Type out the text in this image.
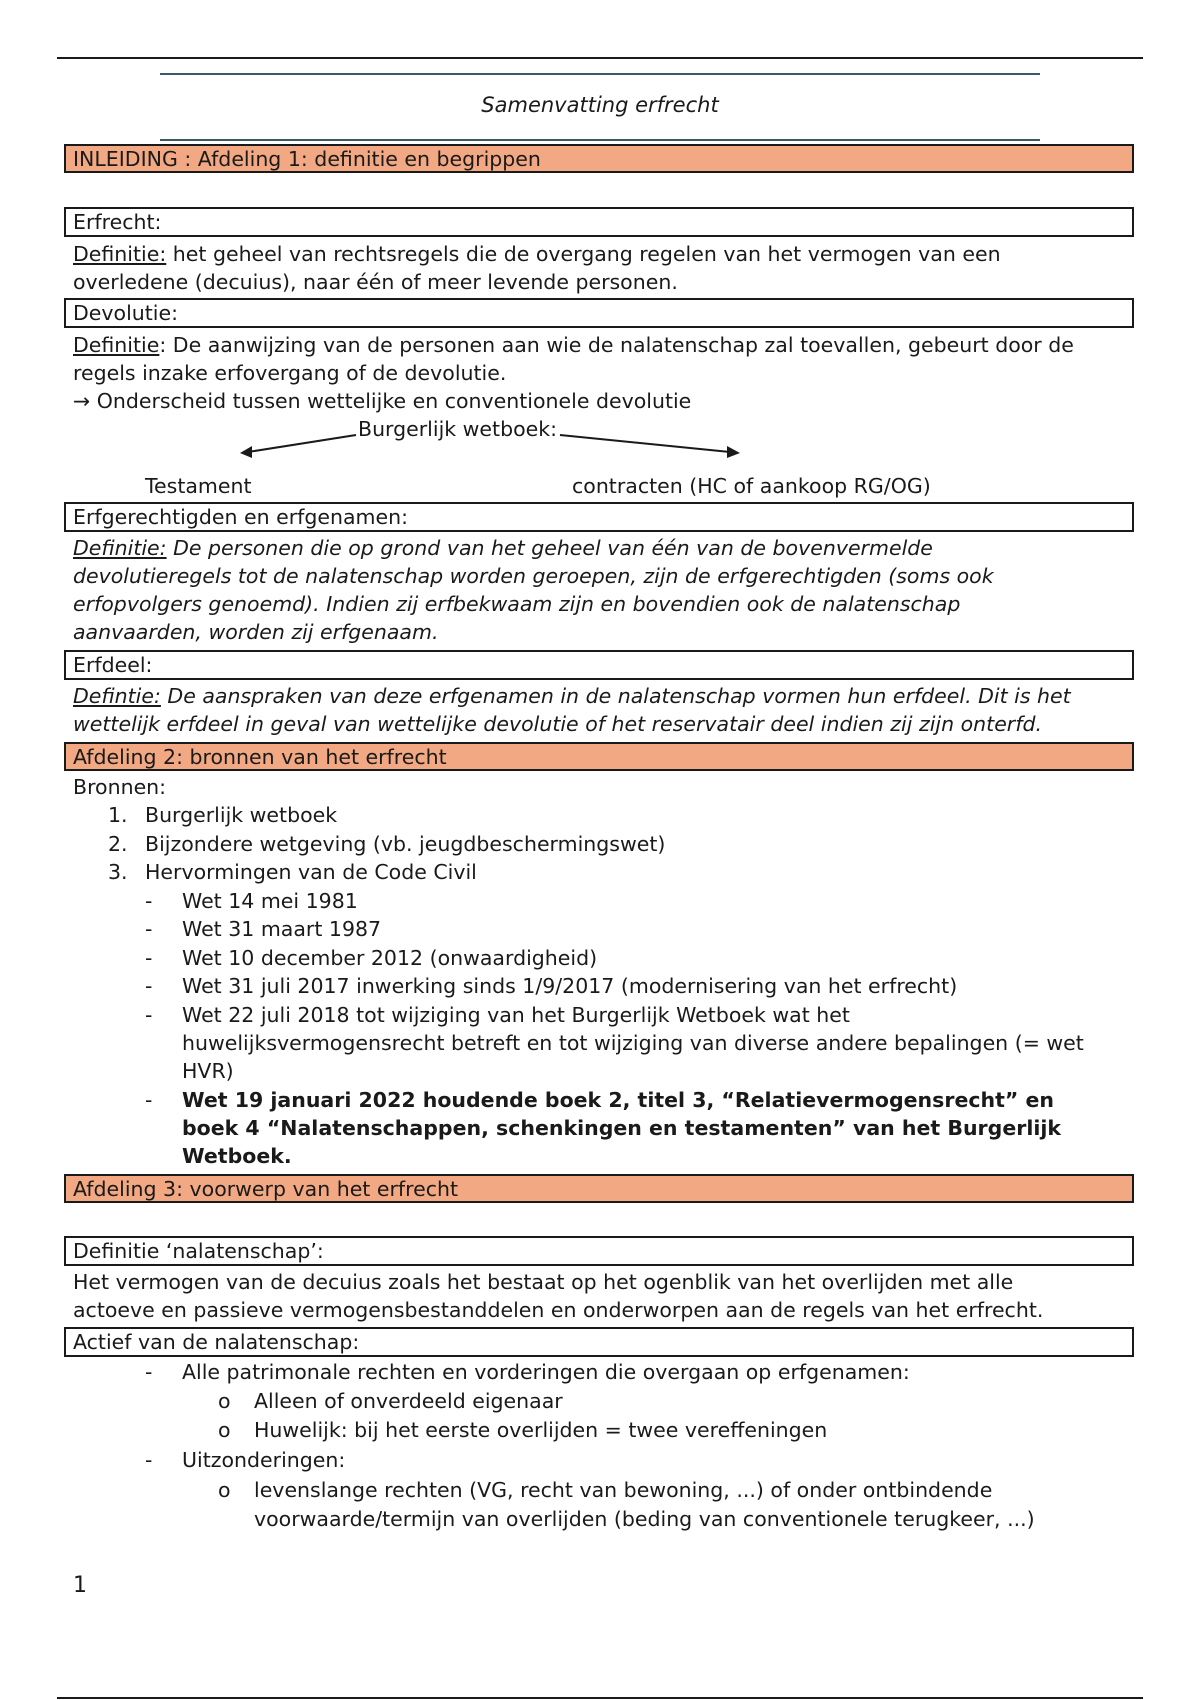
Samenvatting erfrecht
INLEIDING : Afdeling 1: definitie en begrippen
Erfrecht:
Definitie: het geheel van rechtsregels die de overgang regelen van het vermogen van een
overledene (decuius), naar één of meer levende personen.
Devolutie:
Definitie: De aanwijzing van de personen aan wie de nalatenschap zal toevallen, gebeurt door de
regels inzake erfovergang of de devolutie.
→ Onderscheid tussen wettelijke en conventionele devolutie
Burgerlijk wetboek:
Testament	contracten (HC of aankoop RG/OG)
Erfgerechtigden en erfgenamen:
Definitie: De personen die op grond van het geheel van één van de bovenvermelde
devolutieregels tot de nalatenschap worden geroepen, zijn de erfgerechtigden (soms ook
erfopvolgers genoemd). Indien zij erfbekwaam zijn en bovendien ook de nalatenschap
aanvaarden, worden zij erfgenaam.
Erfdeel:
Defintie: De aanspraken van deze erfgenamen in de nalatenschap vormen hun erfdeel. Dit is het
wettelijk erfdeel in geval van wettelijke devolutie of het reservatair deel indien zij zijn onterfd.
Afdeling 2: bronnen van het erfrecht
Bronnen:
1. Burgerlijk wetboek
2. Bijzondere wetgeving (vb. jeugdbeschermingswet)
3. Hervormingen van de Code Civil
- Wet 14 mei 1981
- Wet 31 maart 1987
- Wet 10 december 2012 (onwaardigheid)
- Wet 31 juli 2017 inwerking sinds 1/9/2017 (modernisering van het erfrecht)
- Wet 22 juli 2018 tot wijziging van het Burgerlijk Wetboek wat het
huwelijksvermogensrecht betreft en tot wijziging van diverse andere bepalingen (= wet
HVR)
- Wet 19 januari 2022 houdende boek 2, titel 3, “Relatievermogensrecht” en
boek 4 “Nalatenschappen, schenkingen en testamenten” van het Burgerlijk
Wetboek.
Afdeling 3: voorwerp van het erfrecht
Definitie ‘nalatenschap’:
Het vermogen van de decuius zoals het bestaat op het ogenblik van het overlijden met alle
actoeve en passieve vermogensbestanddelen en onderworpen aan de regels van het erfrecht.
Actief van de nalatenschap:
- Alle patrimonale rechten en vorderingen die overgaan op erfgenamen:
o Alleen of onverdeeld eigenaar
o Huwelijk: bij het eerste overlijden = twee vereffeningen
- Uitzonderingen:
o levenslange rechten (VG, recht van bewoning, ...) of onder ontbindende
voorwaarde/termijn van overlijden (beding van conventionele terugkeer, ...)
1
